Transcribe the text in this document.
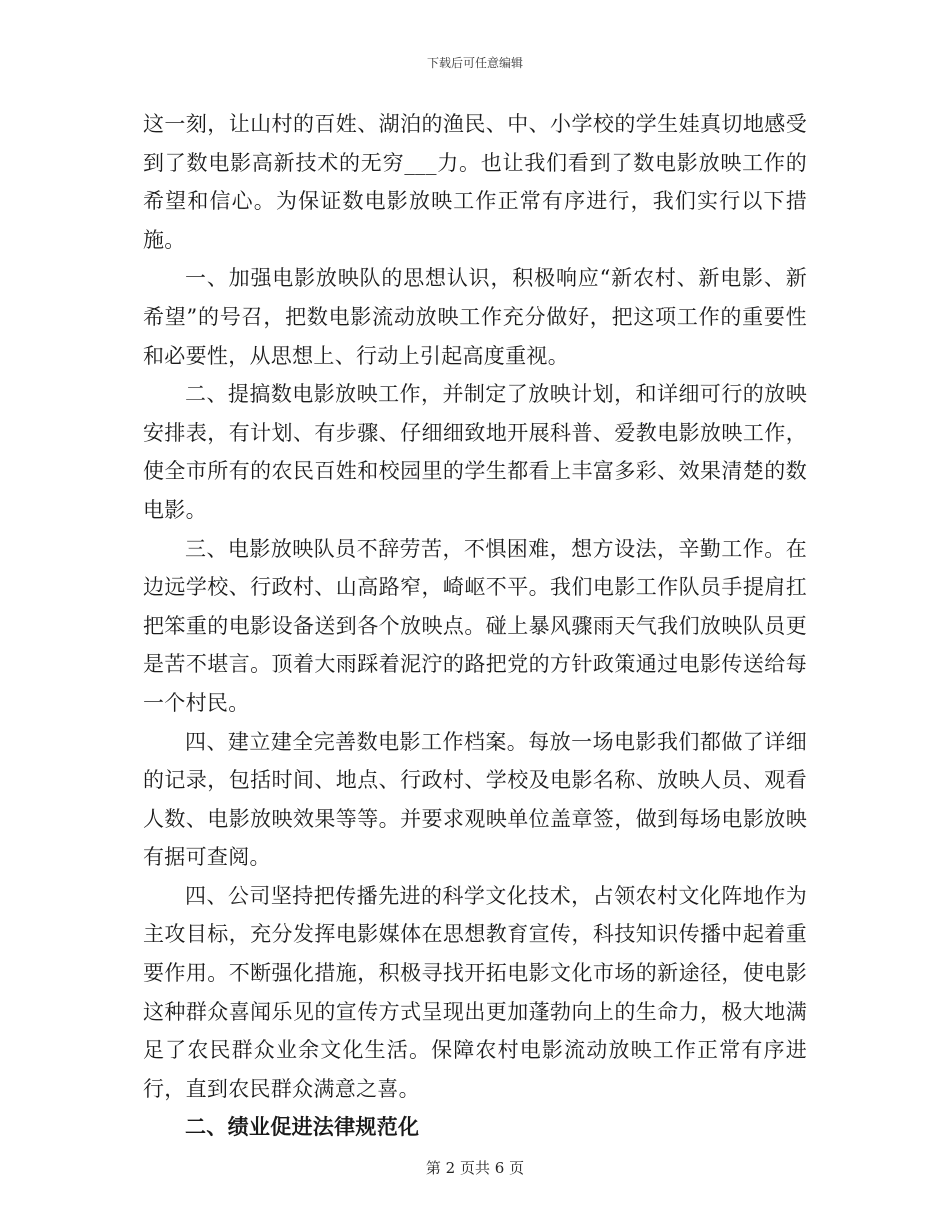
下载后可任意编辑

这一刻，让山村的百姓、湖泊的渔民、中、小学校的学生娃真切地感受到了数电影高新技术的无穷___力。也让我们看到了数电影放映工作的希望和信心。为保证数电影放映工作正常有序进行，我们实行以下措施。

一、加强电影放映队的思想认识，积极响应“新农村、新电影、新希望”的号召，把数电影流动放映工作充分做好，把这项工作的重要性和必要性，从思想上、行动上引起高度重视。

二、提搞数电影放映工作，并制定了放映计划，和详细可行的放映安排表，有计划、有步骤、仔细细致地开展科普、爱教电影放映工作，使全市所有的农民百姓和校园里的学生都看上丰富多彩、效果清楚的数电影。

三、电影放映队员不辞劳苦，不惧困难，想方设法，辛勤工作。在边远学校、行政村、山高路窄，崎岖不平。我们电影工作队员手提肩扛把笨重的电影设备送到各个放映点。碰上暴风骤雨天气我们放映队员更是苦不堪言。顶着大雨踩着泥泞的路把党的方针政策通过电影传送给每一个村民。

四、建立建全完善数电影工作档案。每放一场电影我们都做了详细的记录，包括时间、地点、行政村、学校及电影名称、放映人员、观看人数、电影放映效果等等。并要求观映单位盖章签，做到每场电影放映有据可查阅。

四、公司坚持把传播先进的科学文化技术，占领农村文化阵地作为主攻目标，充分发挥电影媒体在思想教育宣传，科技知识传播中起着重要作用。不断强化措施，积极寻找开拓电影文化市场的新途径，使电影这种群众喜闻乐见的宣传方式呈现出更加蓬勃向上的生命力，极大地满足了农民群众业余文化生活。保障农村电影流动放映工作正常有序进行，直到农民群众满意之喜。

二、绩业促进法律规范化

第 2 页共 6 页
